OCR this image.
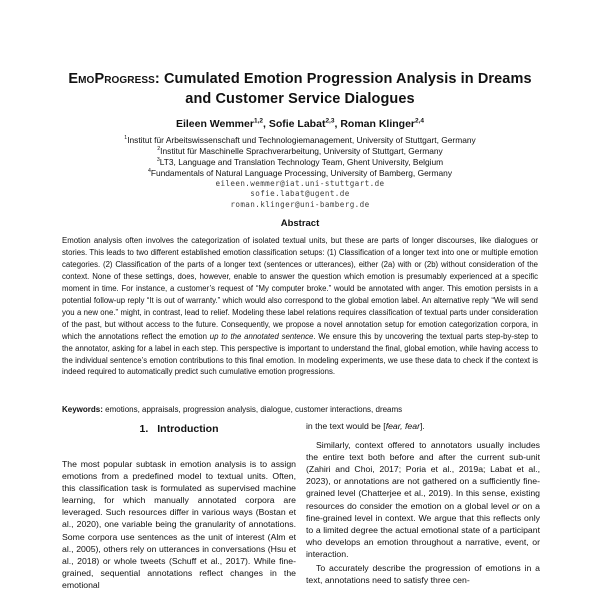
EmoProgress: Cumulated Emotion Progression Analysis in Dreams and Customer Service Dialogues
Eileen Wemmer$^{1,2}$, Sofie Labat$^{2,3}$, Roman Klinger$^{2,4}$
$^1$Institut für Arbeitswissenschaft und Technologiemanagement, University of Stuttgart, Germany
$^2$Institut für Maschinelle Sprachverarbeitung, University of Stuttgart, Germany
$^3$LT3, Language and Translation Technology Team, Ghent University, Belgium
$^4$Fundamentals of Natural Language Processing, University of Bamberg, Germany
eileen.wemmer@iat.uni-stuttgart.de
sofie.labat@ugent.de
roman.klinger@uni-bamberg.de
Abstract
Emotion analysis often involves the categorization of isolated textual units, but these are parts of longer discourses, like dialogues or stories. This leads to two different established emotion classification setups: (1) Classification of a longer text into one or multiple emotion categories. (2) Classification of the parts of a longer text (sentences or utterances), either (2a) with or (2b) without consideration of the context. None of these settings, does, however, enable to answer the question which emotion is presumably experienced at a specific moment in time. For instance, a customer’s request of “My computer broke.” would be annotated with anger. This emotion persists in a potential follow-up reply “It is out of warranty.” which would also correspond to the global emotion label. An alternative reply “We will send you a new one.” might, in contrast, lead to relief. Modeling these label relations requires classification of textual parts under consideration of the past, but without access to the future. Consequently, we propose a novel annotation setup for emotion categorization corpora, in which the annotations reflect the emotion up to the annotated sentence. We ensure this by uncovering the textual parts step-by-step to the annotator, asking for a label in each step. This perspective is important to understand the final, global emotion, while having access to the individual sentence’s emotion contributions to this final emotion. In modeling experiments, we use these data to check if the context is indeed required to automatically predict such cumulative emotion progressions.
Keywords: emotions, appraisals, progression analysis, dialogue, customer interactions, dreams
1. Introduction

The most popular subtask in emotion analysis is to assign emotions from a predefined model to textual units. Often, this classification task is formulated as supervised machine learning, for which manually annotated corpora are leveraged. Such resources differ in various ways (Bostan et al., 2020), one variable being the granularity of annotations. Some corpora use sentences as the unit of interest (Alm et al., 2005), others rely on utterances in conversations (Hsu et al., 2018) or whole tweets (Schuff et al., 2017). While fine-grained, sequential annotations reflect changes in the emotional

in the text would be [fear, fear].

Similarly, context offered to annotators usually includes the entire text both before and after the current sub-unit (Zahiri and Choi, 2017; Poria et al., 2019a; Labat et al., 2023), or annotations are not gathered on a sufficiently fine-grained level (Chatterjee et al., 2019). In this sense, existing resources do consider the emotion on a global level or on a fine-grained level in context. We argue that this reflects only to a limited degree the actual emotional state of a participant who develops an emotion throughout a narrative, event, or interaction.

To accurately describe the progression of emotions in a text, annotations need to satisfy three cen-
